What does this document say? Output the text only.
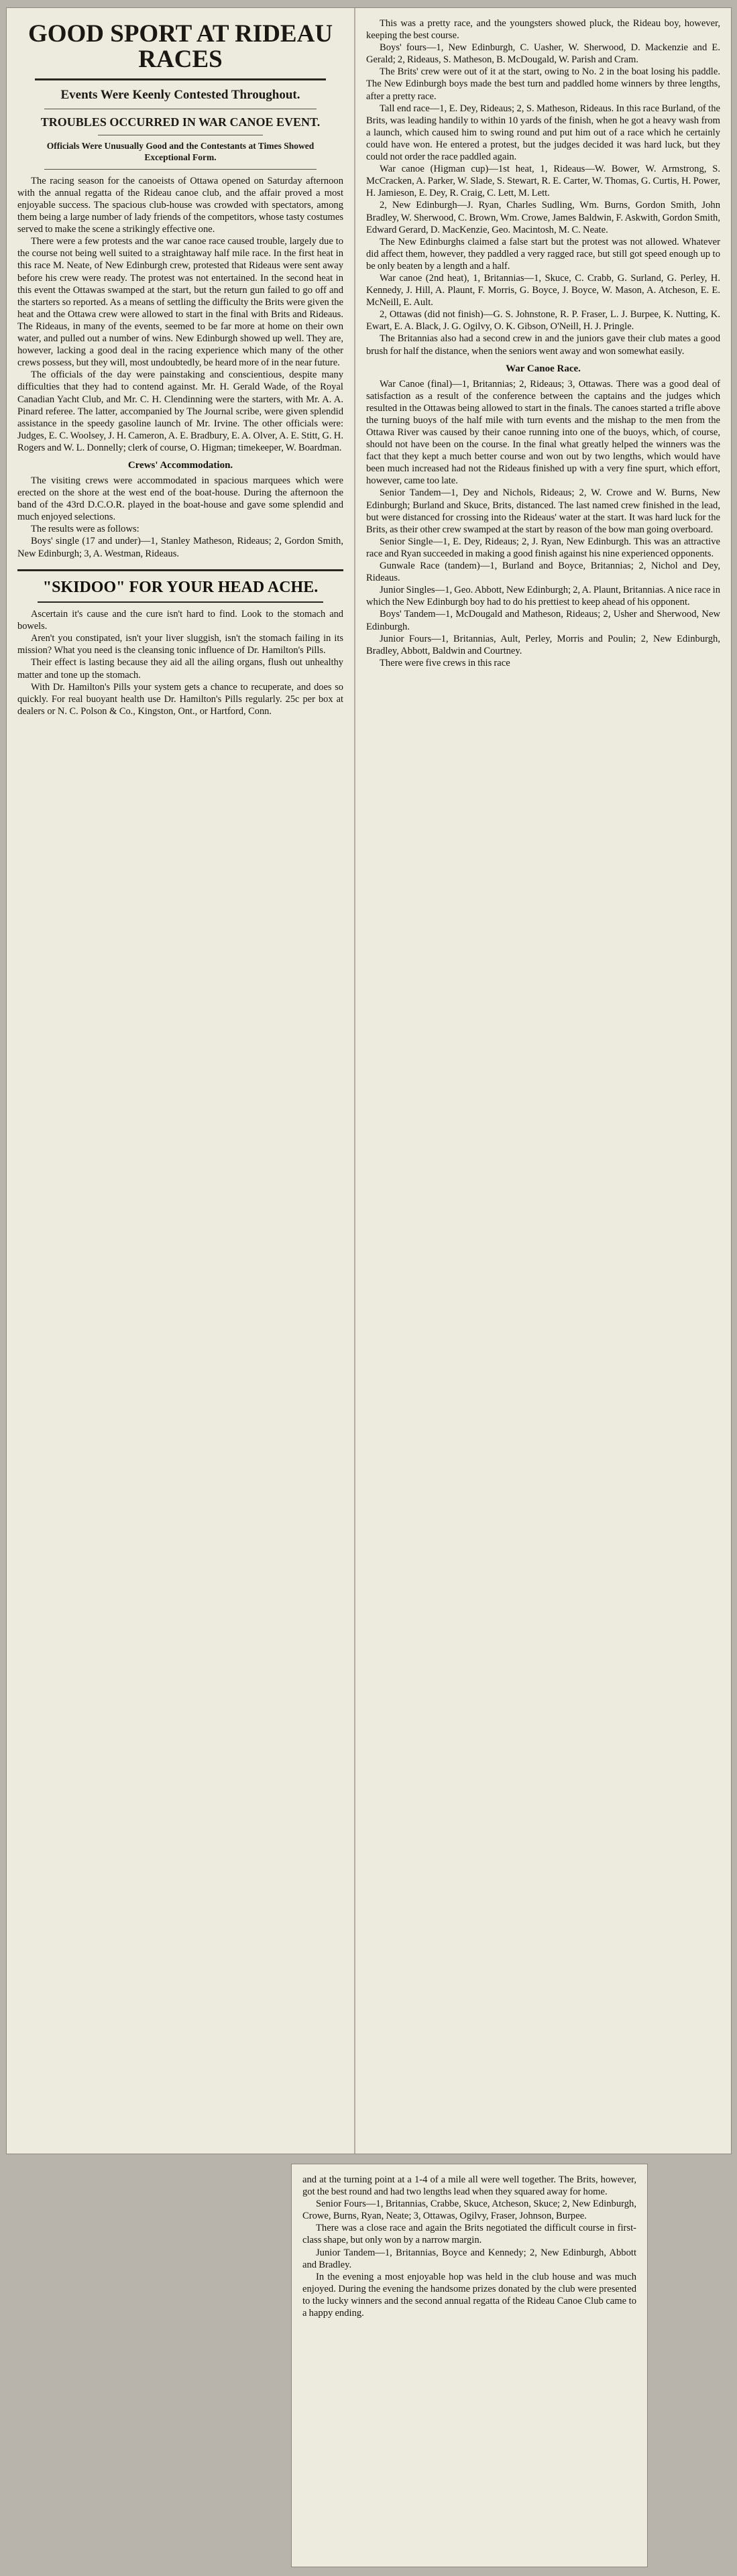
GOOD SPORT AT RIDEAU RACES
Events Were Keenly Contested Throughout.
TROUBLES OCCURRED IN WAR CANOE EVENT.
Officials Were Unusually Good and the Contestants at Times Showed Exceptional Form.

The racing season for the canoeists of Ottawa opened on Saturday afternoon with the annual regatta of the Rideau canoe club, and the affair proved a most enjoyable success. The spacious club-house was crowded with spectators, among them being a large number of lady friends of the competitors, whose tasty costumes served to make the scene a strikingly effective one.

There were a few protests and the war canoe race caused trouble, largely due to the course not being well suited to a straightaway half mile race. In the first heat in this race M. Neate, of New Edinburgh crew, protested that Rideaus were sent away before his crew were ready. The protest was not entertained. In the second heat in this event the Ottawas swamped at the start, but the return gun failed to go off and the starters so reported. As a means of settling the difficulty the Brits were given the heat and the Ottawa crew were allowed to start in the final with Brits and Rideaus. The Rideaus, in many of the events, seemed to be far more at home on their own water, and pulled out a number of wins. New Edinburgh showed up well. They are, however, lacking a good deal in the racing experience which many of the other crews possess, but they will, most undoubtedly, be heard more of in the near future.

The officials of the day were painstaking and conscientious, despite many difficulties that they had to contend against. Mr. H. Gerald Wade, of the Royal Canadian Yacht Club, and Mr. C. H. Clendinning were the starters, with Mr. A. A. Pinard referee. The latter, accompanied by The Journal scribe, were given splendid assistance in the speedy gasoline launch of Mr. Irvine. The other officials were: Judges, E. C. Woolsey, J. H. Cameron, A. E. Bradbury, E. A. Olver, A. E. Stitt, G. H. Rogers and W. L. Donnelly; clerk of course, O. Higman; timekeeper, W. Boardman.

Crews' Accommodation.

The visiting crews were accommodated in spacious marquees which were erected on the shore at the west end of the boat-house. During the afternoon the band of the 43rd D.C.O.R. played in the boat-house and gave some splendid and much enjoyed selections.

The results were as follows:

Boys' single (17 and under)—1, Stanley Matheson, Rideaus; 2, Gordon Smith, New Edinburgh; 3, A. Westman, Rideaus.

"SKIDOO" FOR YOUR HEAD ACHE.

Ascertain it's cause and the cure isn't hard to find. Look to the stomach and bowels.

Aren't you constipated, isn't your liver sluggish, isn't the stomach failing in its mission? What you need is the cleansing tonic influence of Dr. Hamilton's Pills.

Their effect is lasting because they aid all the ailing organs, flush out unhealthy matter and tone up the stomach.

With Dr. Hamilton's Pills your system gets a chance to recuperate, and does so quickly. For real buoyant health use Dr. Hamilton's Pills regularly. 25c per box at dealers or N. C. Polson & Co., Kingston, Ont., or Hartford, Conn.

This was a pretty race, and the youngsters showed pluck, the Rideau boy, however, keeping the best course.

Boys' fours—1, New Edinburgh, C. Uasher, W. Sherwood, D. Mackenzie and E. Gerald; 2, Rideaus, S. Matheson, B. McDougald, W. Parish and Cram.

The Brits' crew were out of it at the start, owing to No. 2 in the boat losing his paddle. The New Edinburgh boys made the best turn and paddled home winners by three lengths, after a pretty race.

Tall end race—1, E. Dey, Rideaus; 2, S. Matheson, Rideaus. In this race Burland, of the Brits, was leading handily to within 10 yards of the finish, when he got a heavy wash from a launch, which caused him to swing round and put him out of a race which he certainly could have won. He entered a protest, but the judges decided it was hard luck, but they could not order the race paddled again.

War canoe (Higman cup)—1st heat, 1, Rideaus—W. Bower, W. Armstrong, S. McCracken, A. Parker, W. Slade, S. Stewart, R. E. Carter, W. Thomas, G. Curtis, H. Power, H. Jamieson, E. Dey, R. Craig, C. Lett, M. Lett.

2, New Edinburgh—J. Ryan, Charles Sudling, Wm. Burns, Gordon Smith, John Bradley, W. Sherwood, C. Brown, Wm. Crowe, James Baldwin, F. Askwith, Gordon Smith, Edward Gerard, D. MacKenzie, Geo. Macintosh, M. C. Neate.

The New Edinburghs claimed a false start but the protest was not allowed. Whatever did affect them, however, they paddled a very ragged race, but still got speed enough up to be only beaten by a length and a half.

War canoe (2nd heat), 1, Britannias—1, Skuce, C. Crabb, G. Surland, G. Perley, H. Kennedy, J. Hill, A. Plaunt, F. Morris, G. Boyce, J. Boyce, W. Mason, A. Atcheson, E. E. McNeill, E. Ault.

2, Ottawas (did not finish)—G. S. Johnstone, R. P. Fraser, L. J. Burpee, K. Nutting, K. Ewart, E. A. Black, J. G. Ogilvy, O. K. Gibson, O'Neill, H. J. Pringle.

The Britannias also had a second crew in and the juniors gave their club mates a good brush for half the distance, when the seniors went away and won somewhat easily.

War Canoe Race.

War Canoe (final)—1, Britannias; 2, Rideaus; 3, Ottawas. There was a good deal of satisfaction as a result of the conference between the captains and the judges which resulted in the Ottawas being allowed to start in the finals. The canoes started a trifle above the turning buoys of the half mile with turn events and the mishap to the men from the Ottawa River was caused by their canoe running into one of the buoys, which, of course, should not have been on the course. In the final what greatly helped the winners was the fact that they kept a much better course and won out by two lengths, which would have been much increased had not the Rideaus finished up with a very fine spurt, which effort, however, came too late.

Senior Tandem—1, Dey and Nichols, Rideaus; 2, W. Crowe and W. Burns, New Edinburgh; Burland and Skuce, Brits, distanced. The last named crew finished in the lead, but were distanced for crossing into the Rideaus' water at the start. It was hard luck for the Brits, as their other crew swamped at the start by reason of the bow man going overboard.

Senior Single—1, E. Dey, Rideaus; 2, J. Ryan, New Edinburgh. This was an attractive race and Ryan succeeded in making a good finish against his nine experienced opponents.

Gunwale Race (tandem)—1, Burland and Boyce, Britannias; 2, Nichol and Dey, Rideaus.

Junior Singles—1, Geo. Abbott, New Edinburgh; 2, A. Plaunt, Britannias. A nice race in which the New Edinburgh boy had to do his prettiest to keep ahead of his opponent.

Boys' Tandem—1, McDougald and Matheson, Rideaus; 2, Usher and Sherwood, New Edinburgh.

Junior Fours—1, Britannias, Ault, Perley, Morris and Poulin; 2, New Edinburgh, Bradley, Abbott, Baldwin and Courtney.

There were five crews in this race

and at the turning point at a 1-4 of a mile all were well together. The Brits, however, got the best round and had two lengths lead when they squared away for home.

Senior Fours—1, Britannias, Crabbe, Skuce, Atcheson, Skuce; 2, New Edinburgh, Crowe, Burns, Ryan, Neate; 3, Ottawas, Ogilvy, Fraser, Johnson, Burpee.

There was a close race and again the Brits negotiated the difficult course in first-class shape, but only won by a narrow margin.

Junior Tandem—1, Britannias, Boyce and Kennedy; 2, New Edinburgh, Abbott and Bradley.

In the evening a most enjoyable hop was held in the club house and was much enjoyed. During the evening the handsome prizes donated by the club were presented to the lucky winners and the second annual regatta of the Rideau Canoe Club came to a happy ending.
